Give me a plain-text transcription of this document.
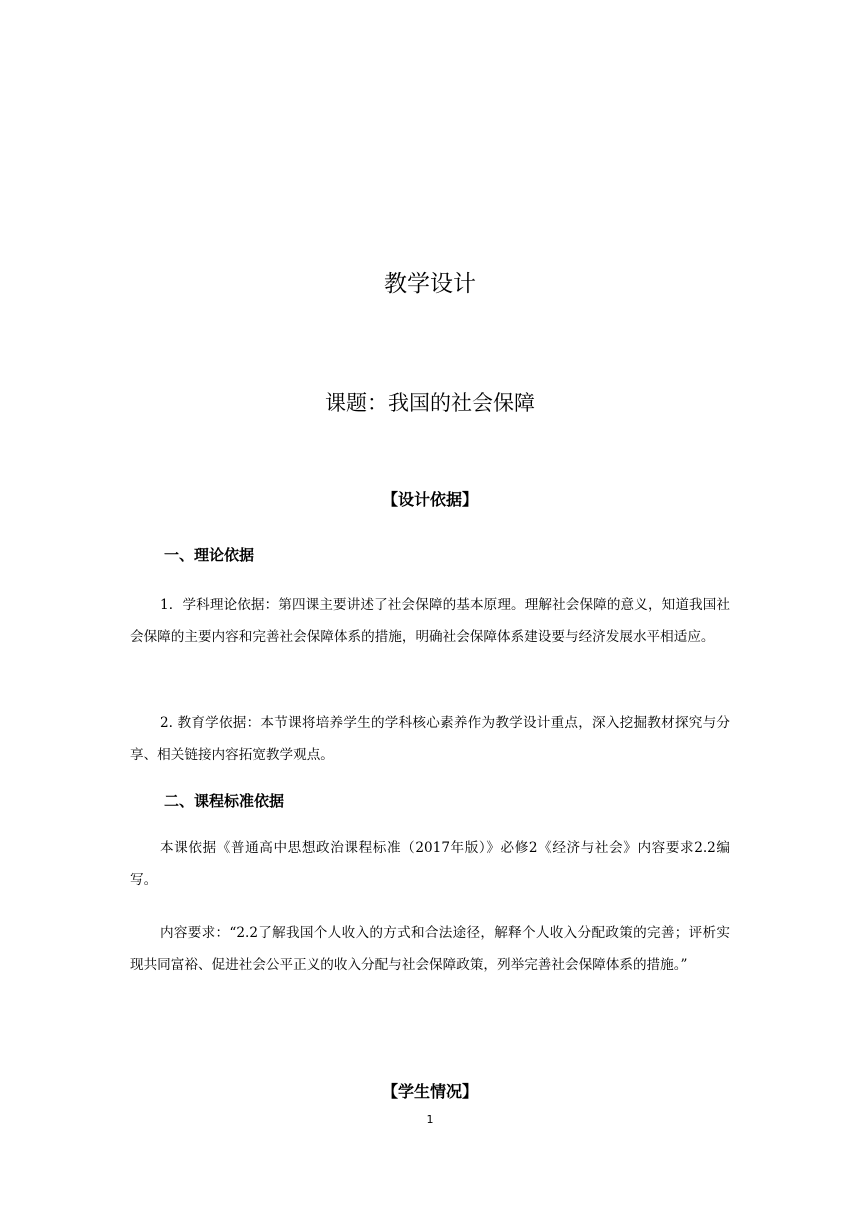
教学设计
课题：我国的社会保障
【设计依据】
一、理论依据
1．学科理论依据：第四课主要讲述了社会保障的基本原理。理解社会保障的意义，知道我国社会保障的主要内容和完善社会保障体系的措施，明确社会保障体系建设要与经济发展水平相适应。
2. 教育学依据：本节课将培养学生的学科核心素养作为教学设计重点，深入挖掘教材探究与分享、相关链接内容拓宽教学观点。
二、课程标准依据
本课依据《普通高中思想政治课程标准（2017年版）》必修2《经济与社会》内容要求2.2编写。
内容要求：“2.2了解我国个人收入的方式和合法途径，解释个人收入分配政策的完善；评析实现共同富裕、促进社会公平正义的收入分配与社会保障政策，列举完善社会保障体系的措施。”
【学生情况】
1
